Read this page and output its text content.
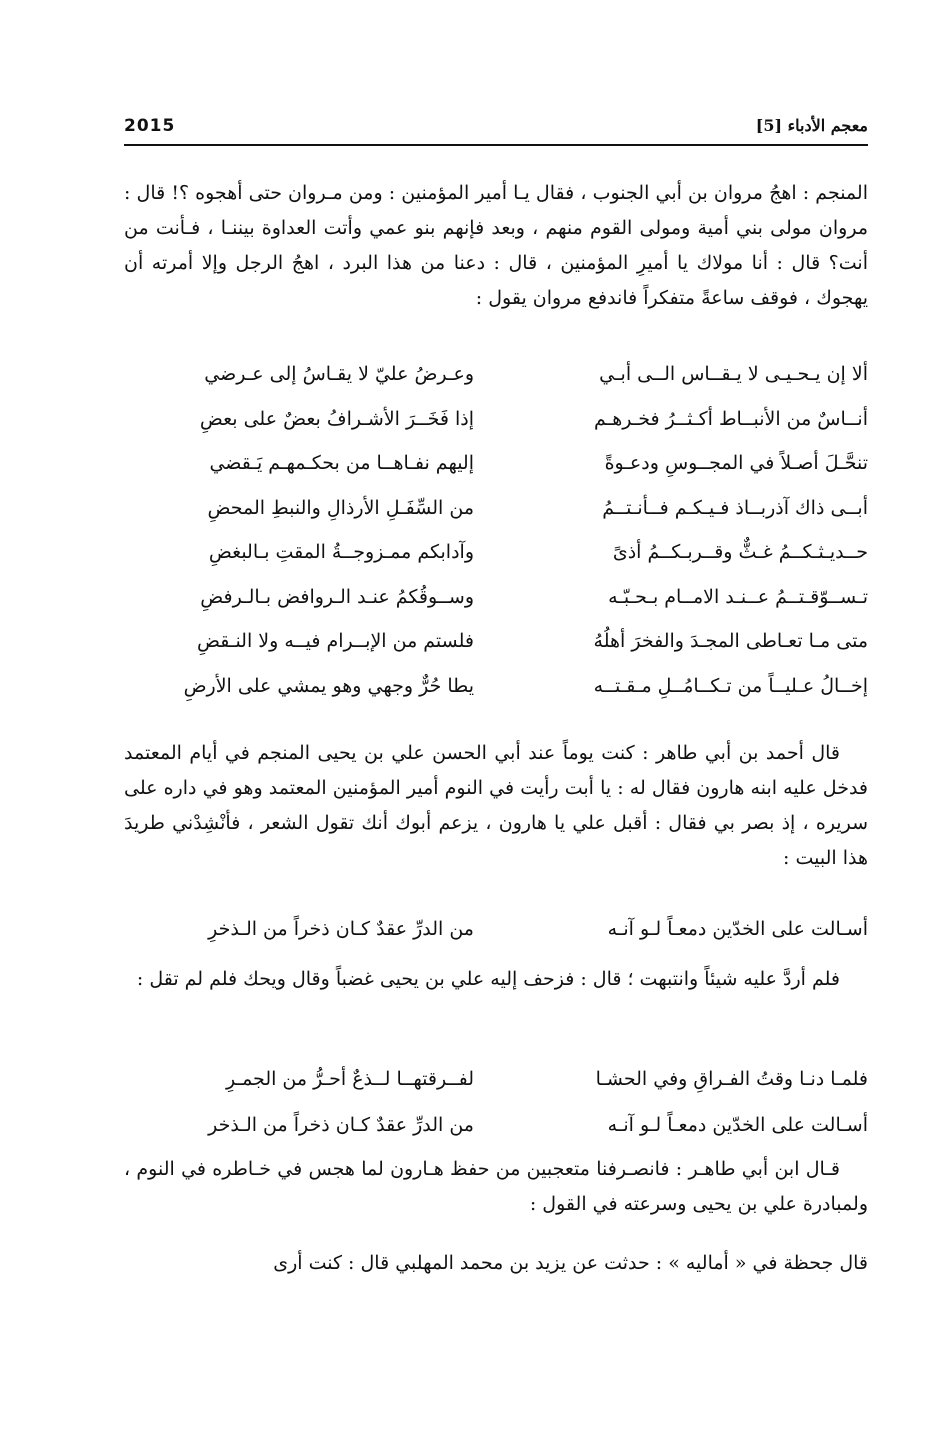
2015	معجم الأدباء [5]

المنجم : اهجُ مروان بن أبي الجنوب ، فقال يـا أمير المؤمنين : ومن مـروان حتى أهجوه ؟! قال : مروان مولى بني أمية ومولى القوم منهم ، وبعد فإنهم بنو عمي وأتت العداوة بيننـا ، فـأنت من أنت؟ قال : أنا مولاك يا أميرِ المؤمنين ، قال : دعنا من هذا البرد ، اهجُ الرجل وإلا أمرته أن يهجوك ، فوقف ساعةً متفكراً فاندفع مروان يقول :

ألا إن يـحـيـى لا يـقــاس الــى أبـي
وعـرضُ عليّ لا يقـاسُ إلى عـرضي
أنــاسٌ من الأنبــاط أكـثــرُ فخـرهـم
إذا فَخَــرَ الأشـرافُ بعضٌ على بعضِ
تنحَّـلَ أصـلاً في المجــوسِ ودعـوةً
إليهم نفـاهــا من بحكـمهـم يَـقضي
أبــى ذاك آذربــاذ فـيـكـم فــأنـتــمُ
من السِّفَـلِ الأرذالِ والنبطِ المحضِ
حــديـثـكــمُ غـثٌّ وقــربـكــمُ أذىً
وآدابكم ممـزوجــةُ المقتِ بـالبغضِ
تـســوّقـتــمُ عــنـد الامــام بـحـبّـه
وســوقُكمُ عنـد الـروافض بـالـرفضِ
متى مـا تعـاطى المجـدَ والفخرَ أهلُهُ
فلستم من الإبــرام فيــه ولا النـقضِ
إخــالُ عـليــاً من تـكــامُــلِ مـقـتــه
يطا حُرٌّ وجهي وهو يمشي على الأرضِ

قال أحمد بن أبي طاهر : كنت يوماً عند أبي الحسن علي بن يحيى المنجم في أيام المعتمد فدخل عليه ابنه هارون فقال له : يا أبت رأيت في النوم أمير المؤمنين المعتمد وهو في داره على سريره ، إذ بصر بي فقال : أقبل علي يا هارون ، يزعم أبوك أنك تقول الشعر ، فأنْشِدْني طريدَ هذا البيت :

أسـالت على الخدّين دمعـاً لـو آنـه
من الدرِّ عقدٌ كـان ذخراً من الـذخرِ

فلم أردَّ عليه شيئاً وانتبهت ؛ قال : فزحف إليه علي بن يحيى غضباً وقال ويحك فلم لم تقل :

فلمـا دنـا وقتُ الفـراقِ وفي الحشـا
لفــرقتهــا لــذعٌ أحـرُّ من الجمـرِ
أسـالت على الخدّين دمعـاً لـو آنـه
من الدرِّ عقدٌ كـان ذخراً من الـذخر

قـال ابن أبي طاهـر : فانصـرفنا متعجبين من حفظ هـارون لما هجس في خـاطره في النوم ، ولمبادرة علي بن يحيى وسرعته في القول :

قال جحظة في « أماليه » : حدثت عن يزيد بن محمد المهلبي قال : كنت أرى
